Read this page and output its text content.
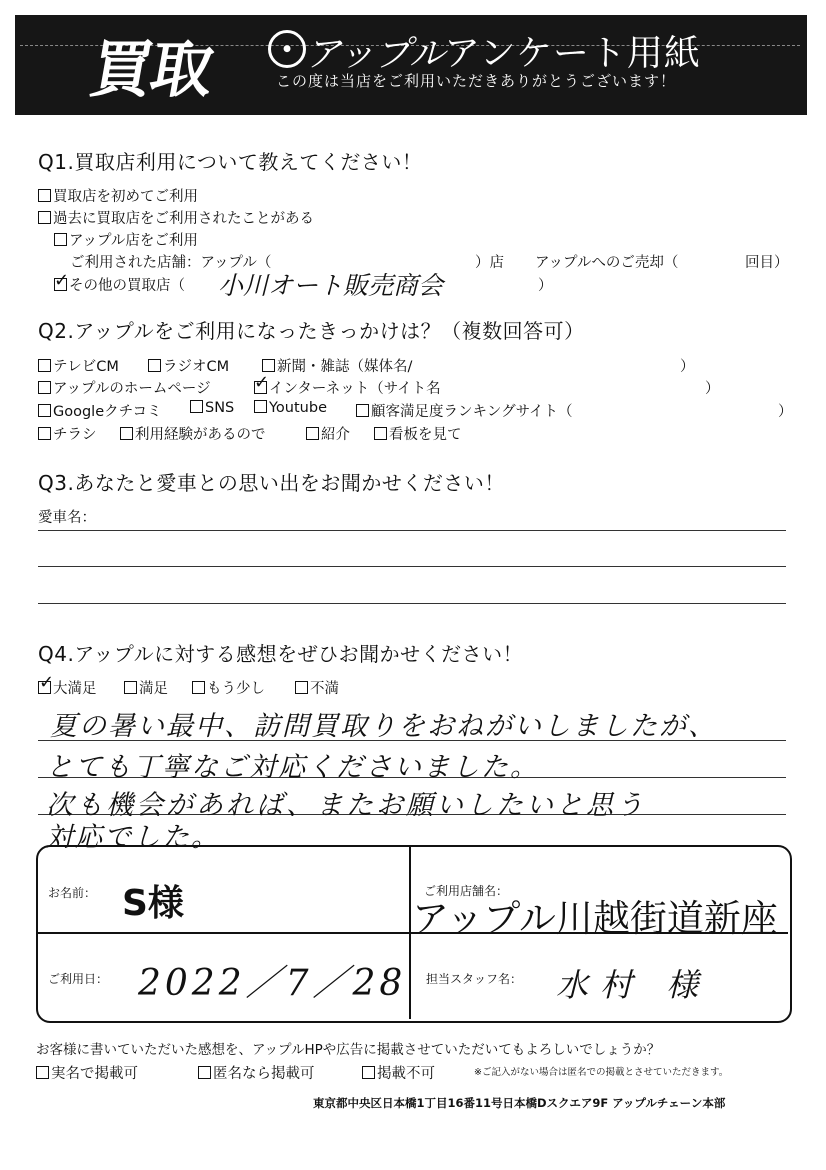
買取	● アップル
アンケート用紙
この度は当店をご利用いただきありがとうございます！
Q1.買取店利用について教えてください！
買取店を初めてご利用
過去に買取店をご利用されたことがある
アップル店をご利用
ご利用された店舗：アップル（	）店 アップルへのご売却（	回目）
その他の買取店（
✓	小川オート販売商会	）
Q2.アップルをご利用になったきっかけは？（複数回答可）
テレビCM	ラジオCM	新聞・雑誌（媒体名/	）
アップルのホームページ	インターネット（サイト名
✓	）
Googleクチコミ	SNS	Youtube	顧客満足度ランキングサイト（	）
チラシ	利用経験があるので	紹介	看板を見て
Q3.あなたと愛車との思い出をお聞かせください！
愛車名：
Q4.アップルに対する感想をぜひお聞かせください！
大満足
✓	満足	もう少し	不満
夏の暑い最中、訪問買取りをおねがいしましたが、
とても丁寧なご対応くださいました。
次も機会があれば、またお願いしたいと思う
対応でした。
お名前： S様	ご利用店舗名：
アップル川越街道新座
ご利用日： 2022／7／28 担当スタッフ名： 水村 様
お客様に書いていただいた感想を、アップルHPや広告に掲載させていただいてもよろしいでしょうか？
実名で掲載可	匿名なら掲載可	掲載不可	※ご記入がない場合は匿名での掲載とさせていただきます。
東京都中央区日本橋1丁目16番11号日本橋Dスクエア9F アップルチェーン本部
